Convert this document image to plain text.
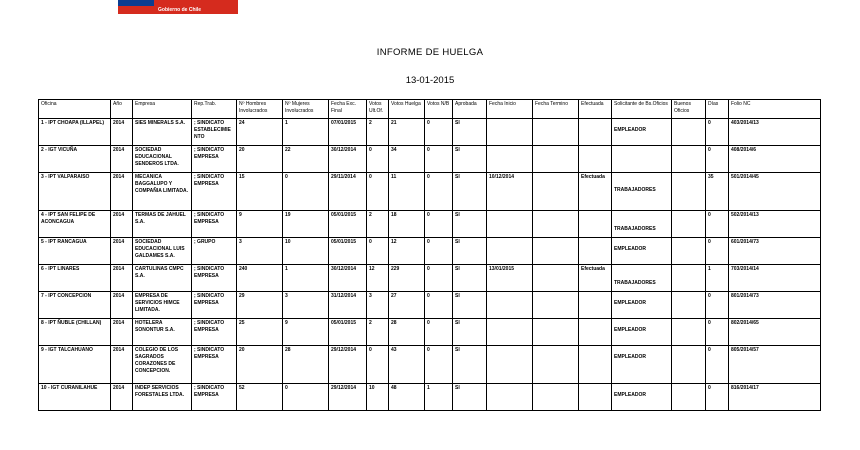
Gobierno de Chile
INFORME DE HUELGA
13-01-2015
Oficina	Año	Empresa	Rep.Trab.	Nº Hombres Involucrados	Nº Mujeres Involucrados	Fecha Exc. Final	Votos Ult.Of.	Votos Huelga	Votos N/B	Aprobada	Fecha Inicio	Fecha Termino	Efectuada	Solicitante de Bs.Oficios	Buenos Oficios	Días	Folio NC
1 - IPT CHOAPA (ILLAPEL)	2014	SIES MINERALS S.A.	; SINDICATO ESTABLECIMIENTO	24	1	07/01/2015	2	21	0	SI				EMPLEADOR		0	403/2014/13
2 - IGT VICUÑA	2014	SOCIEDAD EDUCACIONAL SENDEROS LTDA.	; SINDICATO EMPRESA	20	22	30/12/2014	0	34	0	SI						0	408/2014/6
3 - IPT VALPARAISO	2014	MECANICA BAGGALUPO Y COMPAÑIA LIMITADA.	; SINDICATO EMPRESA	15	0	29/11/2014	0	11	0	SI	10/12/2014		Efectuada	TRABAJADORES		35	501/2014/45
4 - IPT SAN FELIPE DE ACONCAGUA	2014	TERMAS DE JAHUEL S.A.	; SINDICATO EMPRESA	9	19	05/01/2015	2	18	0	SI				TRABAJADORES		0	502/2014/13
5 - IPT RANCAGUA	2014	SOCIEDAD EDUCACIONAL LUIS GALDAMES S.A.	; GRUPO	3	10	05/01/2015	0	12	0	SI				EMPLEADOR		0	601/2014/73
6 - IPT LINARES	2014	CARTULINAS CMPC S.A.	; SINDICATO EMPRESA	240	1	30/12/2014	12	229	0	SI	13/01/2015		Efectuada	TRABAJADORES		1	703/2014/14
7 - IPT CONCEPCION	2014	EMPRESA DE SERVICIOS HIMCE LIMITADA.	; SINDICATO EMPRESA	29	3	31/12/2014	3	27	0	SI				EMPLEADOR		0	801/2014/73
8 - IPT ÑUBLE (CHILLAN)	2014	HOTELERA SONONTUR S.A.	; SINDICATO EMPRESA	25	9	05/01/2015	2	28	0	SI				EMPLEADOR		0	802/2014/65
9 - IGT TALCAHUANO	2014	COLEGIO DE LOS SAGRADOS CORAZONES DE CONCEPCION.	; SINDICATO EMPRESA	20	28	29/12/2014	0	43	0	SI				EMPLEADOR		0	805/2014/57
10 - IGT CURANILAHUE	2014	INDEP SERVICIOS FORESTALES LTDA.	; SINDICATO EMPRESA	52	0	29/12/2014	10	48	1	SI				EMPLEADOR		0	816/2014/17
